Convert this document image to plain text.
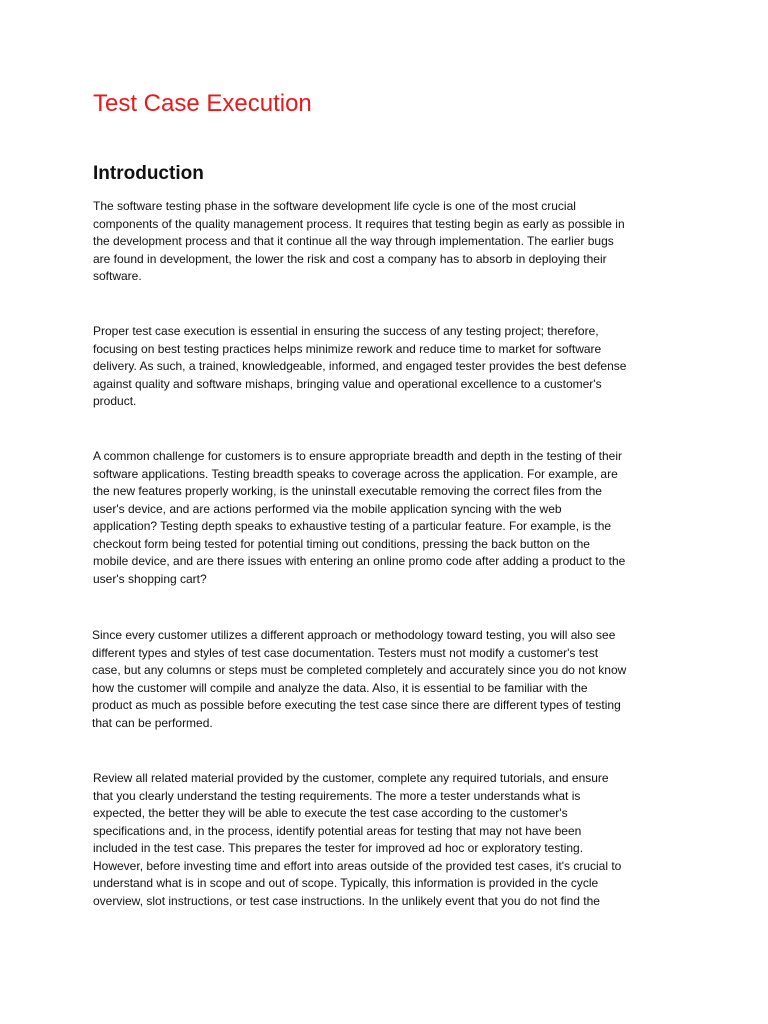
Test Case Execution
Introduction
The software testing phase in the software development life cycle is one of the most crucial
components of the quality management process. It requires that testing begin as early as possible in
the development process and that it continue all the way through implementation. The earlier bugs
are found in development, the lower the risk and cost a company has to absorb in deploying their
software.
Proper test case execution is essential in ensuring the success of any testing project; therefore,
focusing on best testing practices helps minimize rework and reduce time to market for software
delivery. As such, a trained, knowledgeable, informed, and engaged tester provides the best defense
against quality and software mishaps, bringing value and operational excellence to a customer's
product.
A common challenge for customers is to ensure appropriate breadth and depth in the testing of their
software applications. Testing breadth speaks to coverage across the application. For example, are
the new features properly working, is the uninstall executable removing the correct files from the
user's device, and are actions performed via the mobile application syncing with the web
application? Testing depth speaks to exhaustive testing of a particular feature. For example, is the
checkout form being tested for potential timing out conditions, pressing the back button on the
mobile device, and are there issues with entering an online promo code after adding a product to the
user's shopping cart?
Since every customer utilizes a different approach or methodology toward testing, you will also see
different types and styles of test case documentation. Testers must not modify a customer's test
case, but any columns or steps must be completed completely and accurately since you do not know
how the customer will compile and analyze the data. Also, it is essential to be familiar with the
product as much as possible before executing the test case since there are different types of testing
that can be performed.
Review all related material provided by the customer, complete any required tutorials, and ensure
that you clearly understand the testing requirements. The more a tester understands what is
expected, the better they will be able to execute the test case according to the customer's
specifications and, in the process, identify potential areas for testing that may not have been
included in the test case. This prepares the tester for improved ad hoc or exploratory testing.
However, before investing time and effort into areas outside of the provided test cases, it's crucial to
understand what is in scope and out of scope. Typically, this information is provided in the cycle
overview, slot instructions, or test case instructions. In the unlikely event that you do not find the
